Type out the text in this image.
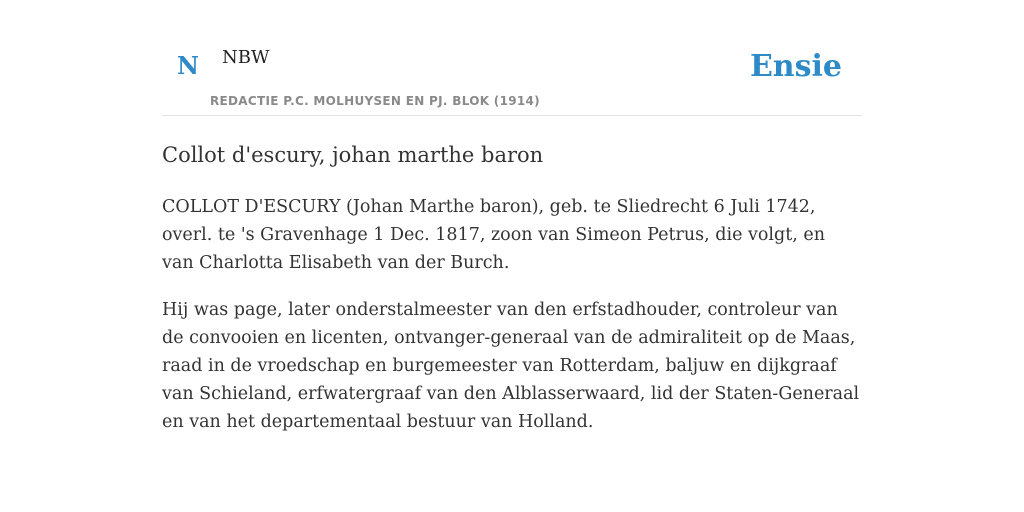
N NBW
REDACTIE P.C. MOLHUYSEN EN PJ. BLOK (1914)
Ensie
Collot d'escury, johan marthe baron

COLLOT D'ESCURY (Johan Marthe baron), geb. te Sliedrecht 6 Juli 1742, overl. te 's Gravenhage 1 Dec. 1817, zoon van Simeon Petrus, die volgt, en van Charlotta Elisabeth van der Burch.

Hij was page, later onderstalmeester van den erfstadhouder, controleur van de convooien en licenten, ontvanger-generaal van de admiraliteit op de Maas, raad in de vroedschap en burgemeester van Rotterdam, baljuw en dijkgraaf van Schieland, erfwatergraaf van den Alblasserwaard, lid der Staten-Generaal en van het departementaal bestuur van Holland.
